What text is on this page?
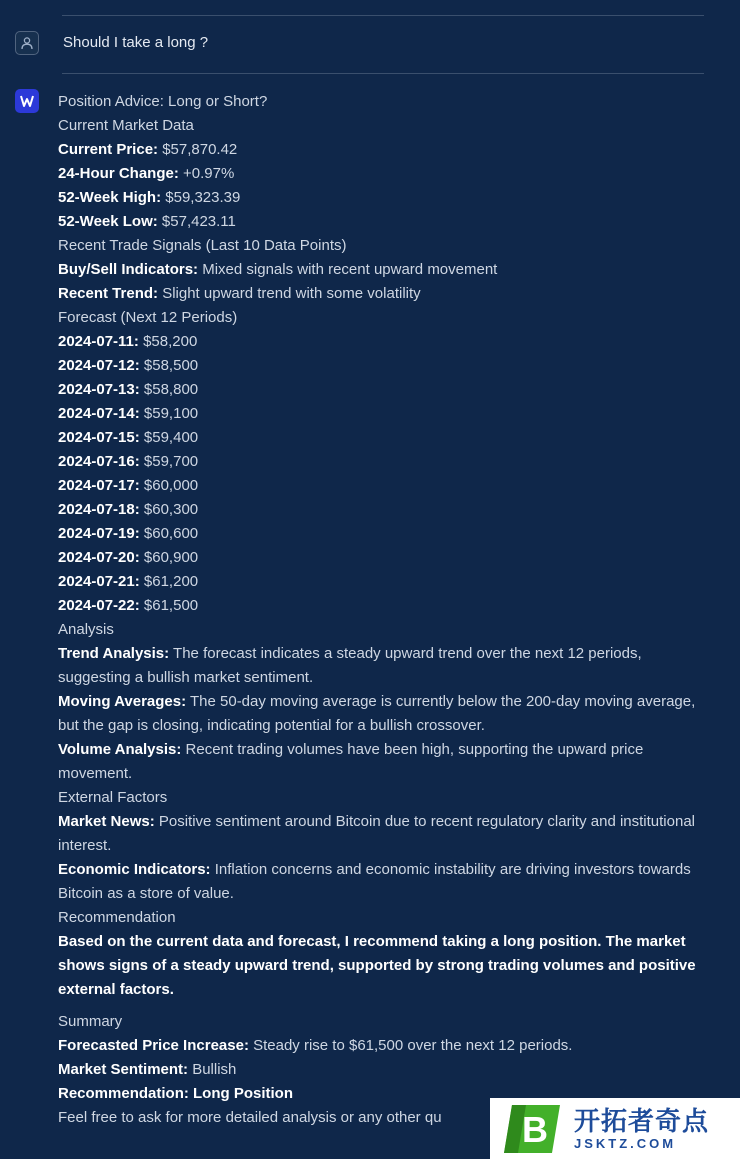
Should I take a long ?
Position Advice: Long or Short?
Current Market Data
Current Price: $57,870.42
24-Hour Change: +0.97%
52-Week High: $59,323.39
52-Week Low: $57,423.11
Recent Trade Signals (Last 10 Data Points)
Buy/Sell Indicators: Mixed signals with recent upward movement
Recent Trend: Slight upward trend with some volatility
Forecast (Next 12 Periods)
2024-07-11: $58,200
2024-07-12: $58,500
2024-07-13: $58,800
2024-07-14: $59,100
2024-07-15: $59,400
2024-07-16: $59,700
2024-07-17: $60,000
2024-07-18: $60,300
2024-07-19: $60,600
2024-07-20: $60,900
2024-07-21: $61,200
2024-07-22: $61,500
Analysis
Trend Analysis: The forecast indicates a steady upward trend over the next 12 periods, suggesting a bullish market sentiment.
Moving Averages: The 50-day moving average is currently below the 200-day moving average, but the gap is closing, indicating potential for a bullish crossover.
Volume Analysis: Recent trading volumes have been high, supporting the upward price movement.
External Factors
Market News: Positive sentiment around Bitcoin due to recent regulatory clarity and institutional interest.
Economic Indicators: Inflation concerns and economic instability are driving investors towards Bitcoin as a store of value.
Recommendation
Based on the current data and forecast, I recommend taking a long position. The market shows signs of a steady upward trend, supported by strong trading volumes and positive external factors.
Summary
Forecasted Price Increase: Steady rise to $61,500 over the next 12 periods.
Market Sentiment: Bullish
Recommendation: Long Position
Feel free to ask for more detailed analysis or any other qu	B 开拓者奇点
JSKTZ.COM
